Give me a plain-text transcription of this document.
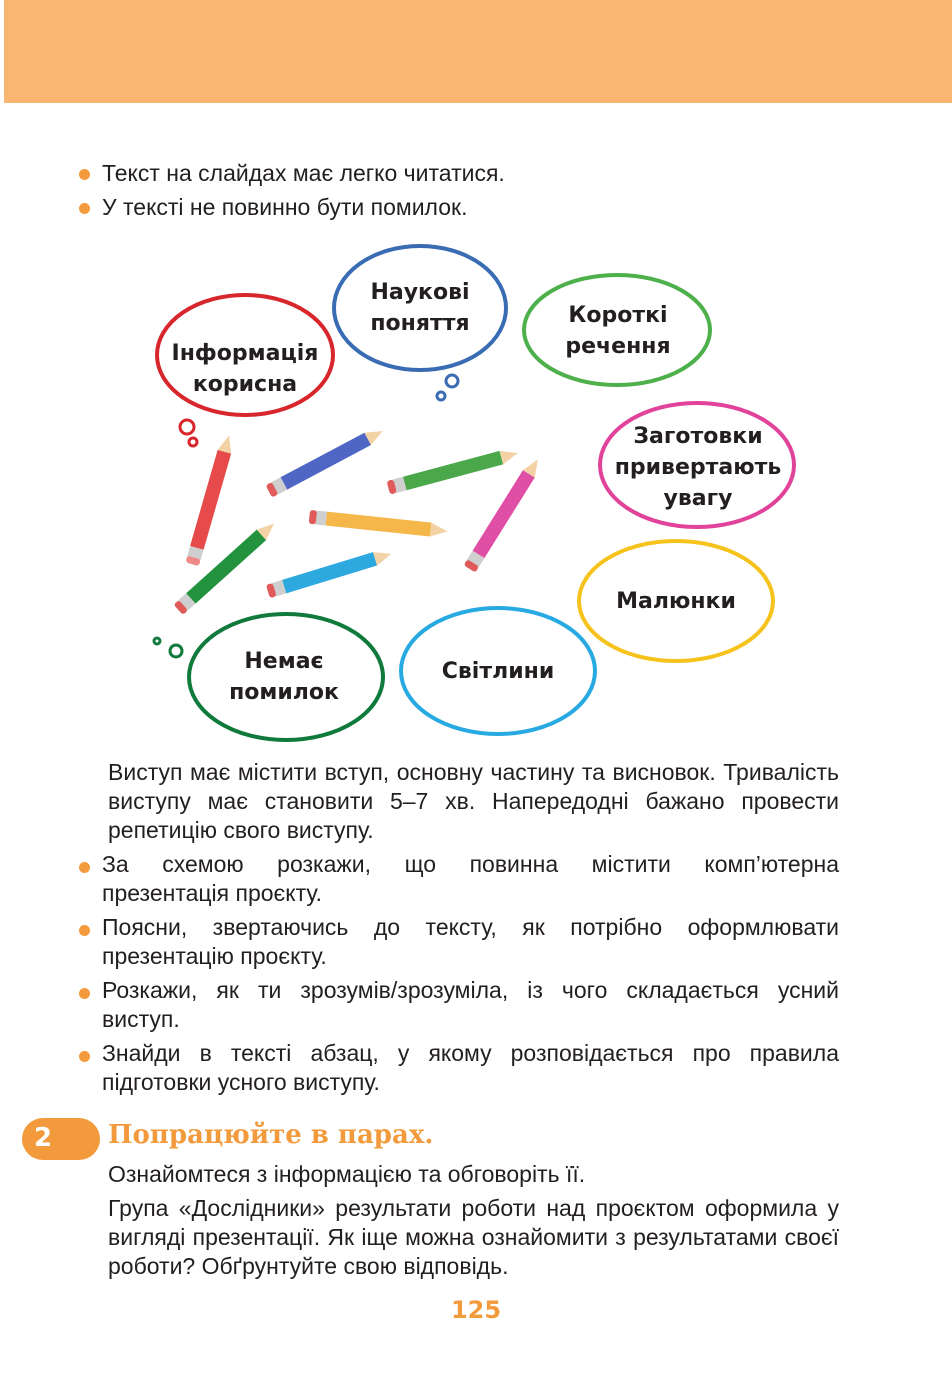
Текст на слайдах має легко читатися.
У тексті не повинно бути помилок.
Наукові
поняття	Короткі
речення
Інформація
корисна
Заготовки
привертають
увагу
Малюнки
Світлини
Немає
помилок
Виступ має містити вступ, основну частину та висновок. Тривалість виступу має становити 5–7 хв. Напередодні бажано провести репетицію свого виступу.
За схемою розкажи, що повинна містити комп’ютерна
презентація проєкту.
Поясни, звертаючись до тексту, як потрібно оформлювати
презентацію проєкту.
Розкажи, як ти зрозумів/зрозуміла, із чого складається усний
виступ.
Знайди в тексті абзац, у якому розповідається про правила
підготовки усного виступу.
2 Попрацюйте в парах.
Ознайомтеся з інформацією та обговоріть її.
Група «Дослідники» результати роботи над проєктом оформила у вигляді презентації. Як іще можна ознайомити з результатами своєї роботи? Обґрунтуйте свою відповідь.
125
